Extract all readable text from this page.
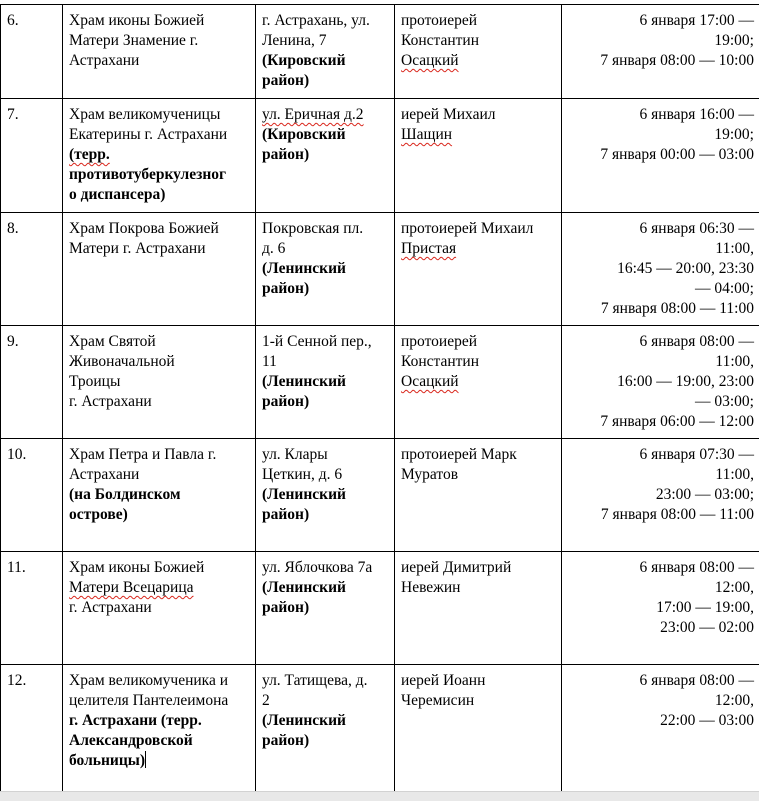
6.	Храм иконы Божией
Матери Знамение г.
Астрахани	г. Астрахань, ул.
Ленина, 7
(Кировский
район)	протоиерей
Константин
Осацкий	6 января 17:00 —
19:00;
7 января 08:00 — 10:00	

7.	Храм великомученицы
Екатерины г. Астрахани
(терр.
противотуберкулезног
о диспансера)	ул. Еричная д.2
(Кировский
район)	иерей Михаил
Шащин	6 января 16:00 —
19:00;
7 января 00:00 — 03:00	

8.	Храм Покрова Божией
Матери г. Астрахани	Покровская пл.
д. 6
(Ленинский
район)	протоиерей Михаил
Пристая	6 января 06:30 —
11:00,
16:45 — 20:00, 23:30
— 04:00;
7 января 08:00 — 11:00	

9.	Храм Святой
Живоначальной
Троицы
г. Астрахани	1-й Сенной пер.,
11
(Ленинский
район)	протоиерей
Константин
Осацкий	6 января 08:00 —
11:00,
16:00 — 19:00, 23:00
— 03:00;
7 января 06:00 — 12:00	

10.	Храм Петра и Павла г.
Астрахани
(на Болдинском
острове)	ул. Клары
Цеткин, д. 6
(Ленинский
район)	протоиерей Марк
Муратов	6 января 07:30 —
11:00,
23:00 — 03:00;
7 января 08:00 — 11:00	

11.	Храм иконы Божией
Матери Всецарица
г. Астрахани	ул. Яблочкова 7а
(Ленинский
район)	иерей Димитрий
Невежин	6 января 08:00 —
12:00,
17:00 — 19:00,
23:00 — 02:00	

12.	Храм великомученика и
целителя Пантелеимона
г. Астрахани (терр.
Александровской
больницы)	ул. Татищева, д.
2
(Ленинский
район)	иерей Иоанн
Черемисин	6 января 08:00 —
12:00,
22:00 — 03:00	
